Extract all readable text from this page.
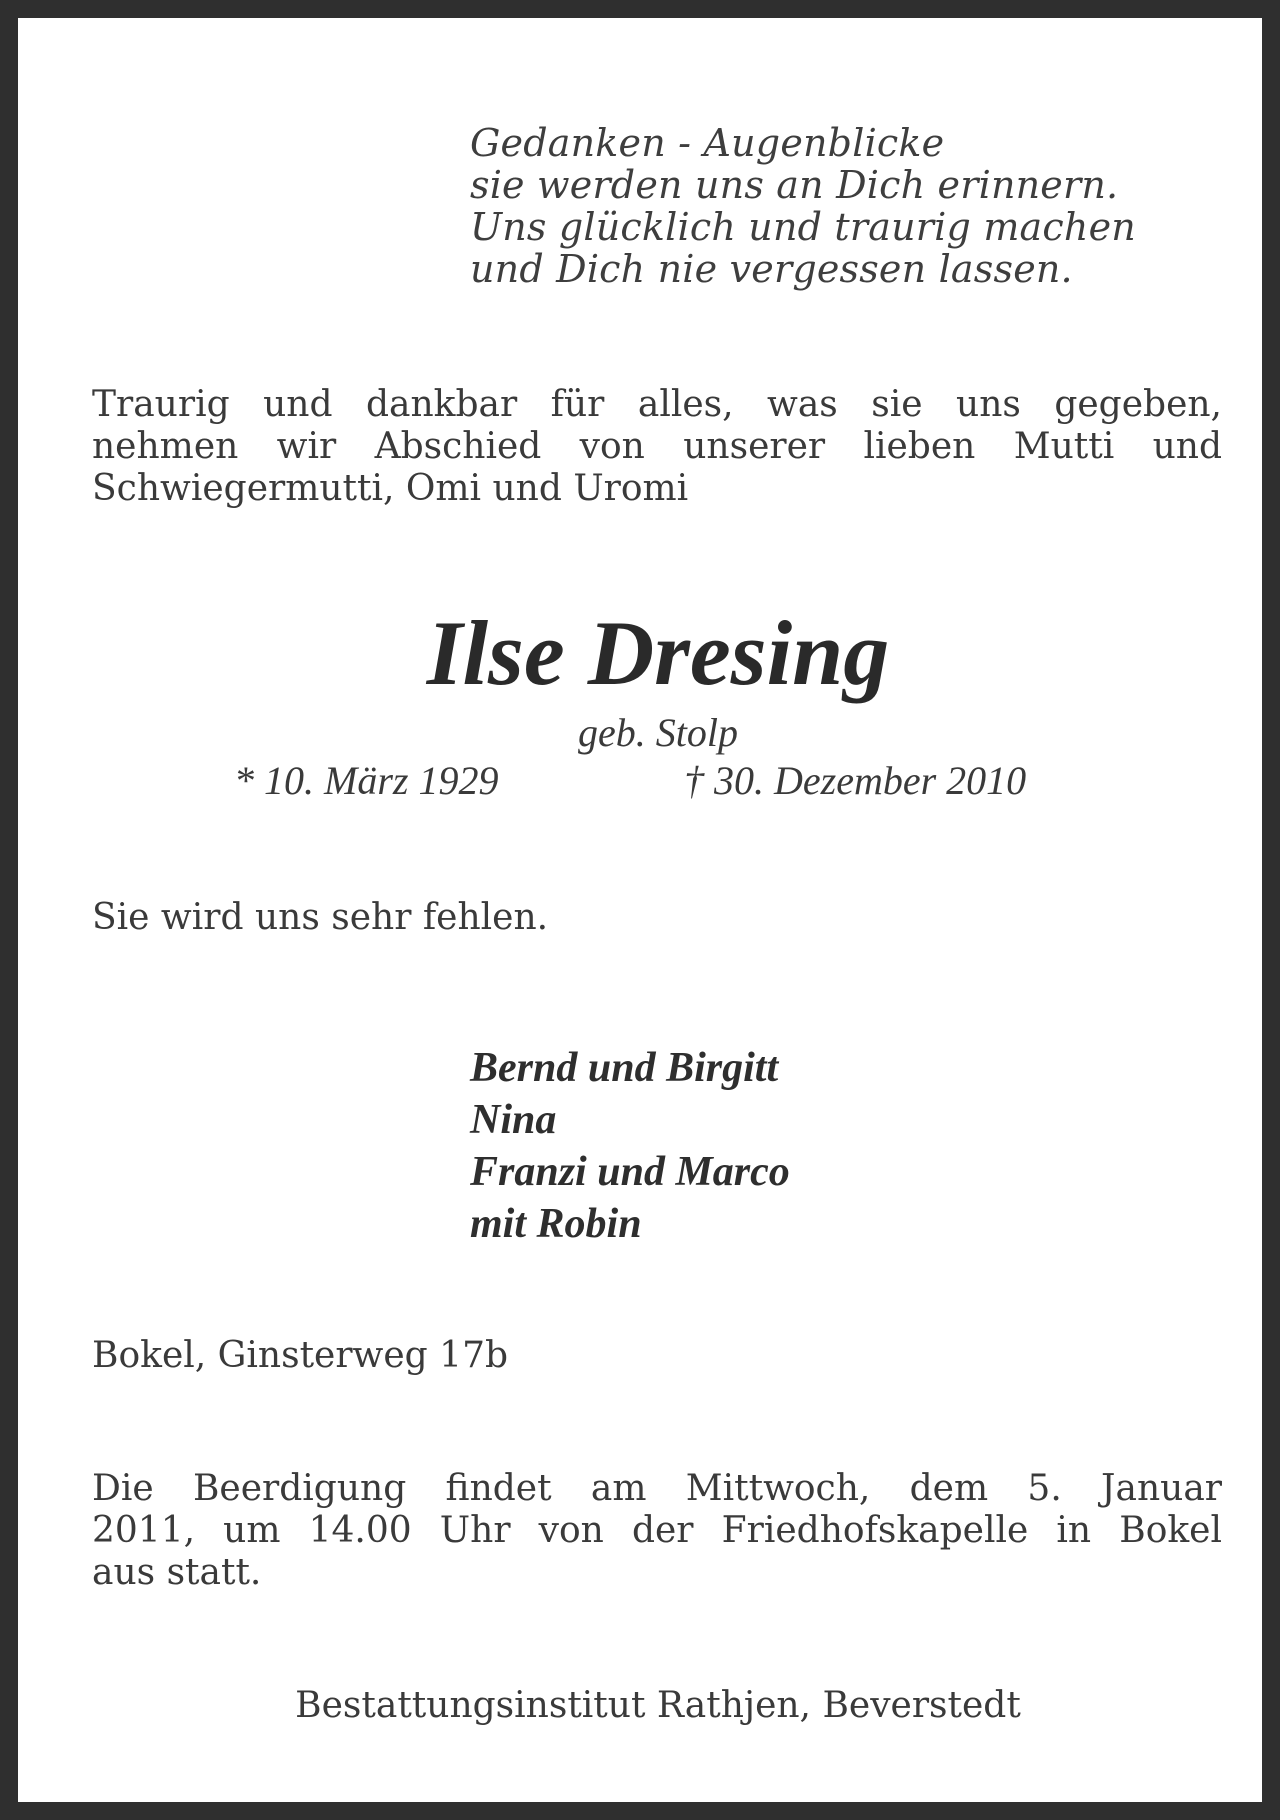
Gedanken - Augenblicke
sie werden uns an Dich erinnern.
Uns glücklich und traurig machen
und Dich nie vergessen lassen.
Traurig und dankbar für alles, was sie uns gegeben,
nehmen wir Abschied von unserer lieben Mutti und
Schwiegermutti, Omi und Uromi
Ilse Dresing
geb. Stolp
* 10. März 1929	† 30. Dezember 2010
Sie wird uns sehr fehlen.
Bernd und Birgitt
Nina
Franzi und Marco
mit Robin
Bokel, Ginsterweg 17b
Die Beerdigung findet am Mittwoch, dem 5. Januar
2011, um 14.00 Uhr von der Friedhofskapelle in Bokel
aus statt.
Bestattungsinstitut Rathjen, Beverstedt
